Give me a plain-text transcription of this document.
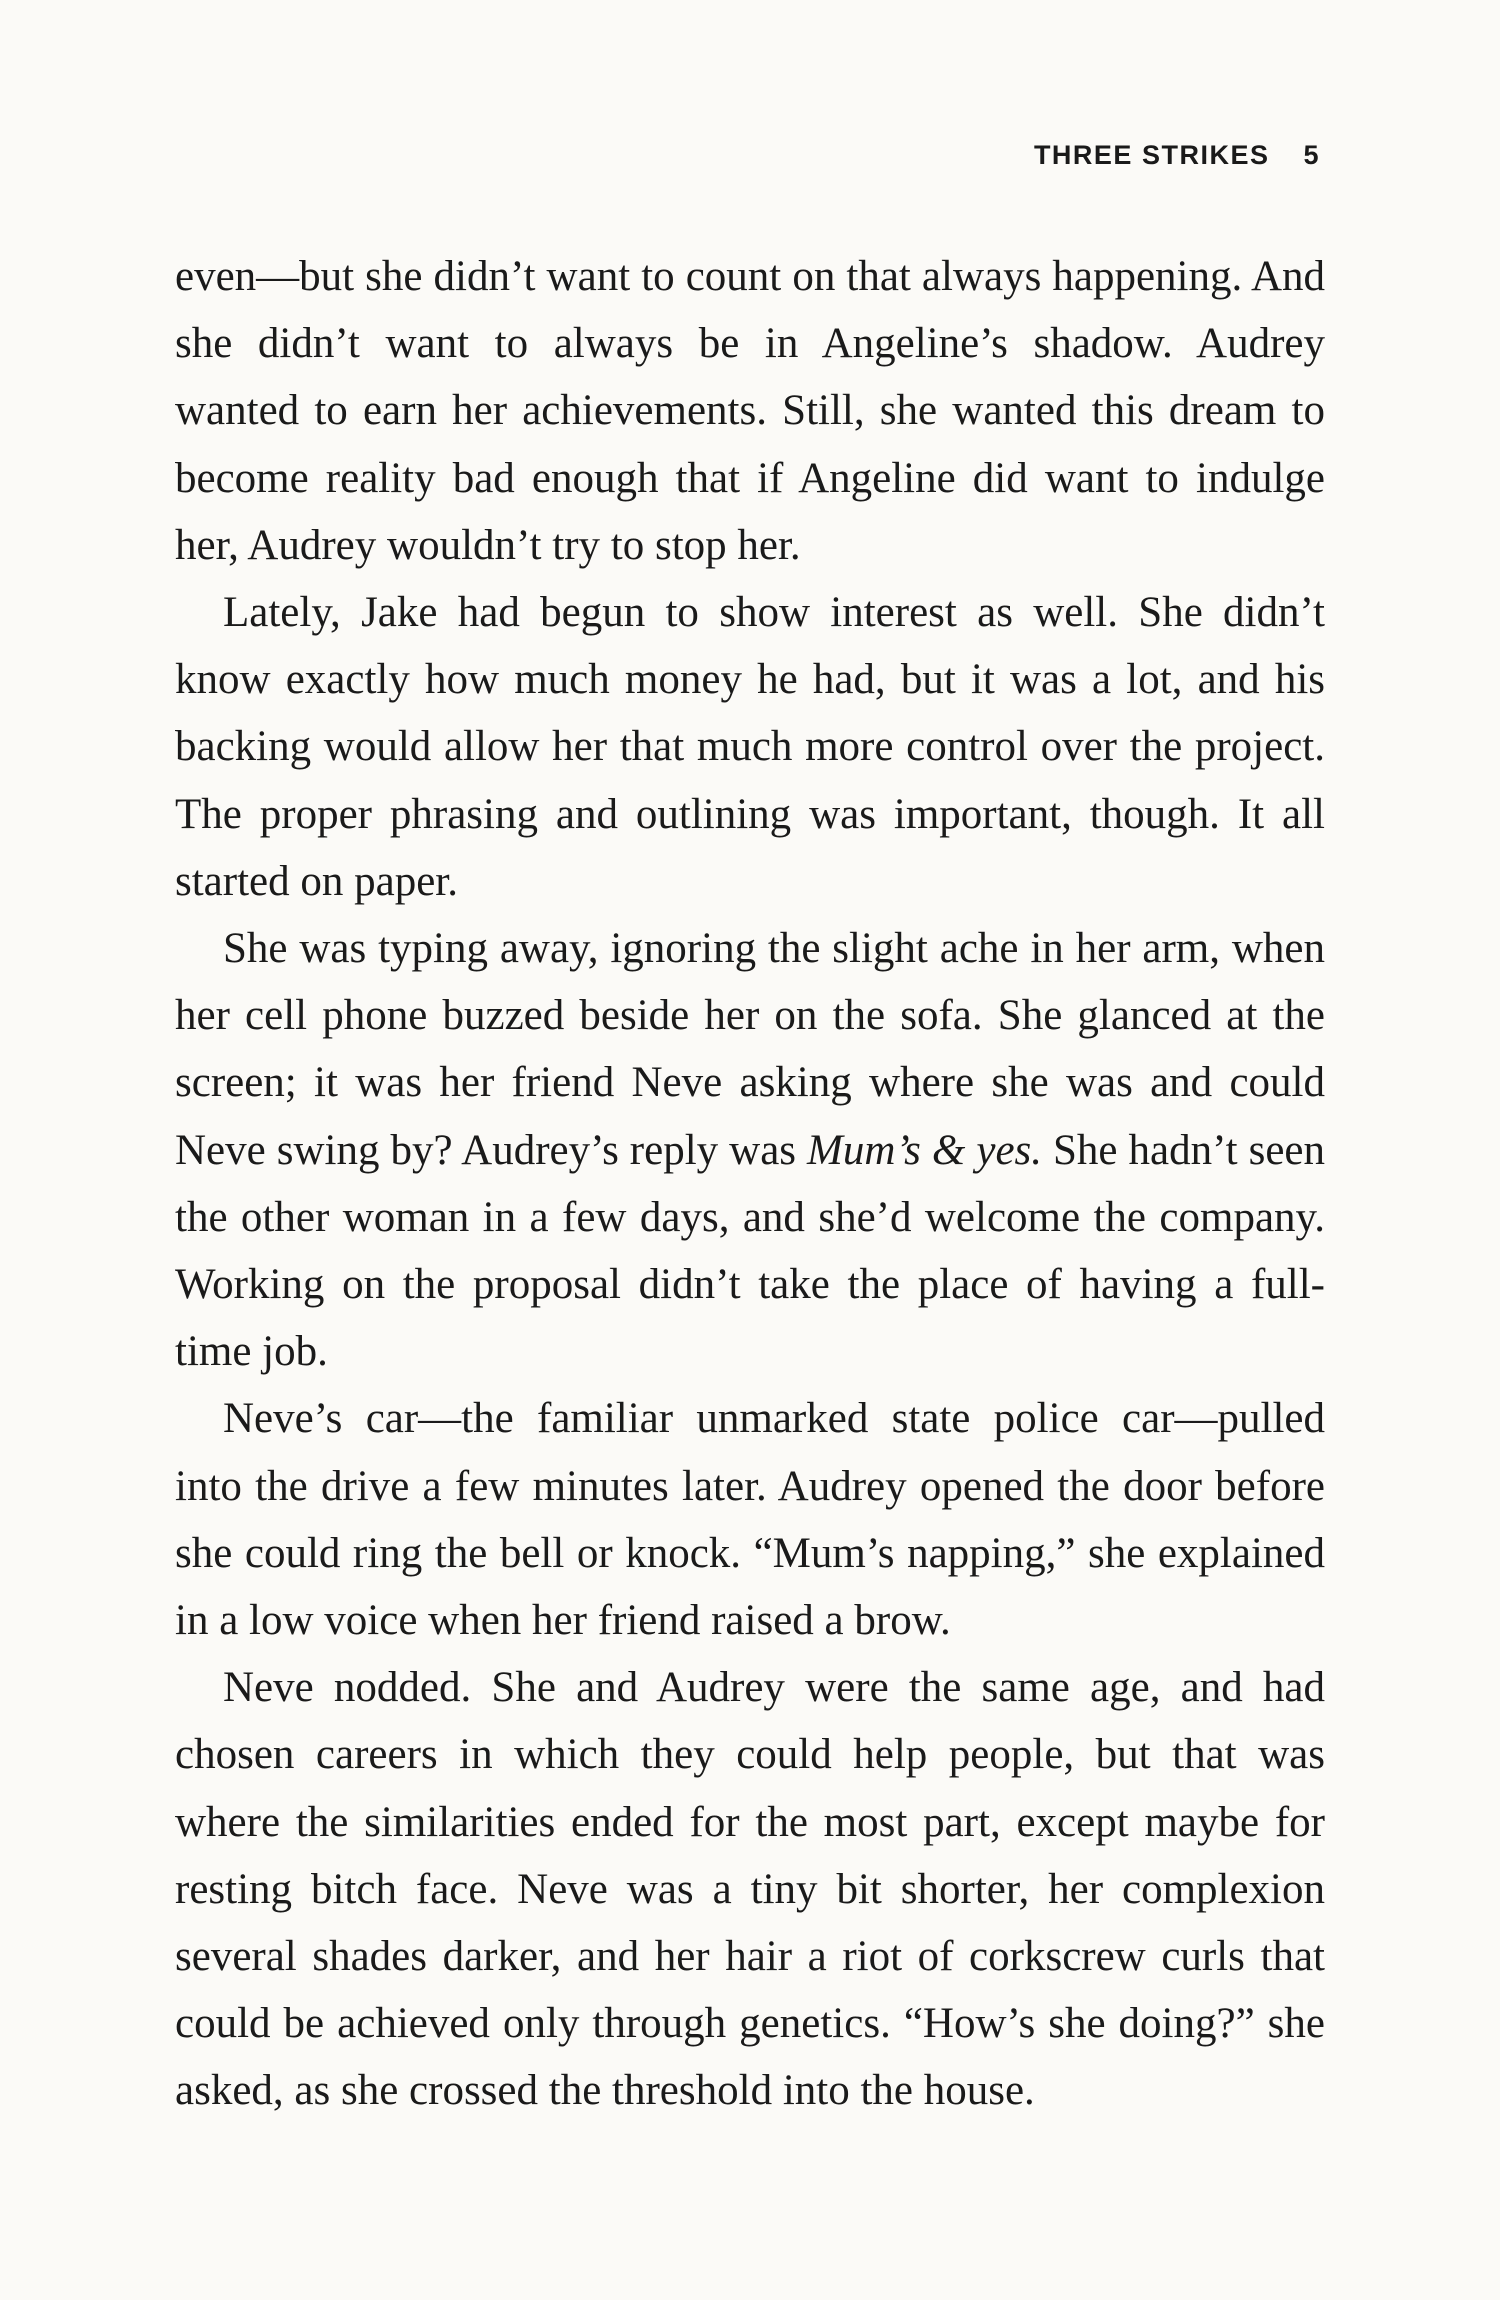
THREE STRIKES 5

even—but she didn’t want to count on that always happening. And she didn’t want to always be in Angeline’s shadow. Audrey wanted to earn her achievements. Still, she wanted this dream to become reality bad enough that if Angeline did want to indulge her, Audrey wouldn’t try to stop her.

Lately, Jake had begun to show interest as well. She didn’t know exactly how much money he had, but it was a lot, and his backing would allow her that much more control over the project. The proper phrasing and outlining was important, though. It all started on paper.

She was typing away, ignoring the slight ache in her arm, when her cell phone buzzed beside her on the sofa. She glanced at the screen; it was her friend Neve asking where she was and could Neve swing by? Audrey’s reply was Mum’s & yes. She hadn’t seen the other woman in a few days, and she’d welcome the company. Working on the proposal didn’t take the place of having a full-time job.

Neve’s car—the familiar unmarked state police car—pulled into the drive a few minutes later. Audrey opened the door before she could ring the bell or knock. “Mum’s napping,” she explained in a low voice when her friend raised a brow.

Neve nodded. She and Audrey were the same age, and had chosen careers in which they could help people, but that was where the similarities ended for the most part, except maybe for resting bitch face. Neve was a tiny bit shorter, her complexion several shades darker, and her hair a riot of corkscrew curls that could be achieved only through genetics. “How’s she doing?” she asked, as she crossed the threshold into the house.
